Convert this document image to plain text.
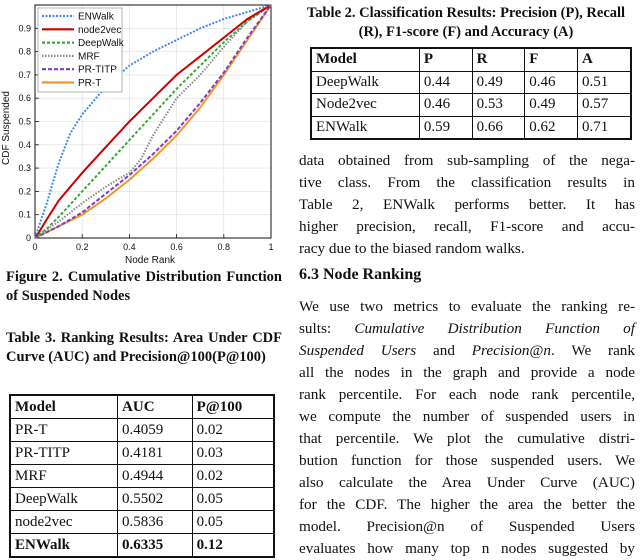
0
0.1
0.2
0.3
0.4
0.5
0.6
0.7
0.8
0.9
0	0.2	0.4	0.6	0.8	1
ENWalk
node2vec
DeepWalk
MRF
PR-TITP
PR-T
Node Rank
CDF Suspended
Figure 2. Cumulative Distribution Function of Suspended Nodes
Table 3. Ranking Results: Area Under CDF Curve (AUC) and Precision@100(P@100)
Model	AUC	P@100
PR-T	0.4059	0.02
PR-TITP	0.4181	0.03
MRF	0.4944	0.02
DeepWalk	0.5502	0.05
node2vec	0.5836	0.05
ENWalk	0.6335	0.12
Table 2. Classification Results: Precision (P), Recall (R), F1-score (F) and Accuracy (A)
Model	P	R	F	A
DeepWalk	0.44	0.49	0.46	0.51
Node2vec	0.46	0.53	0.49	0.57
ENWalk	0.59	0.66	0.62	0.71
data obtained from sub-sampling of the nega-
tive class. From the classification results in
Table 2, ENWalk performs better. It has
higher precision, recall, F1-score and accu-
racy due to the biased random walks.
6.3 Node Ranking
We use two metrics to evaluate the ranking re-
sults: Cumulative Distribution Function of
Suspended Users and Precision@n. We rank
all the nodes in the graph and provide a node
rank percentile. For each node rank percentile,
we compute the number of suspended users in
that percentile. We plot the cumulative distri-
bution function for those suspended users. We
also calculate the Area Under Curve (AUC)
for the CDF. The higher the area the better the
model. Precision@n of Suspended Users
evaluates how many top n nodes suggested by
